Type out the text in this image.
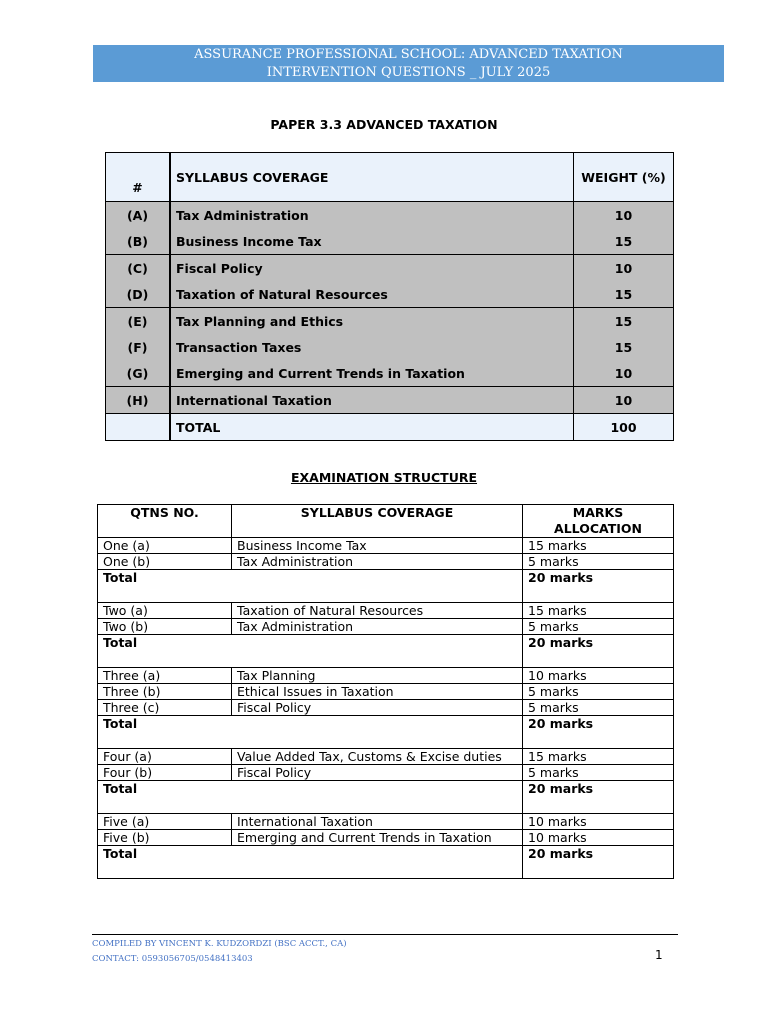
ASSURANCE PROFESSIONAL SCHOOL: ADVANCED TAXATION
INTERVENTION QUESTIONS _ JULY 2025
PAPER 3.3 ADVANCED TAXATION
#	SYLLABUS COVERAGE	WEIGHT (%)
(A)	Tax Administration	10
(B)	Business Income Tax	15
(C)	Fiscal Policy	10
(D)	Taxation of Natural Resources	15
(E)	Tax Planning and Ethics	15
(F)	Transaction Taxes	15
(G)	Emerging and Current Trends in Taxation	10
(H)	International Taxation	10
	TOTAL	100
EXAMINATION STRUCTURE
QTNS NO.	SYLLABUS COVERAGE	MARKS ALLOCATION
One (a)	Business Income Tax	15 marks
One (b)	Tax Administration	5 marks
Total		20 marks
Two (a)	Taxation of Natural Resources	15 marks
Two (b)	Tax Administration	5 marks
Total		20 marks
Three (a)	Tax Planning	10 marks
Three (b)	Ethical Issues in Taxation	5 marks
Three (c)	Fiscal Policy	5 marks
Total		20 marks
Four (a)	Value Added Tax, Customs & Excise duties	15 marks
Four (b)	Fiscal Policy	5 marks
Total		20 marks
Five (a)	International Taxation	10 marks
Five (b)	Emerging and Current Trends in Taxation	10 marks
Total		20 marks
COMPILED BY VINCENT K. KUDZORDZI (BSC ACCT., CA)
CONTACT: 0593056705/0548413403	1
